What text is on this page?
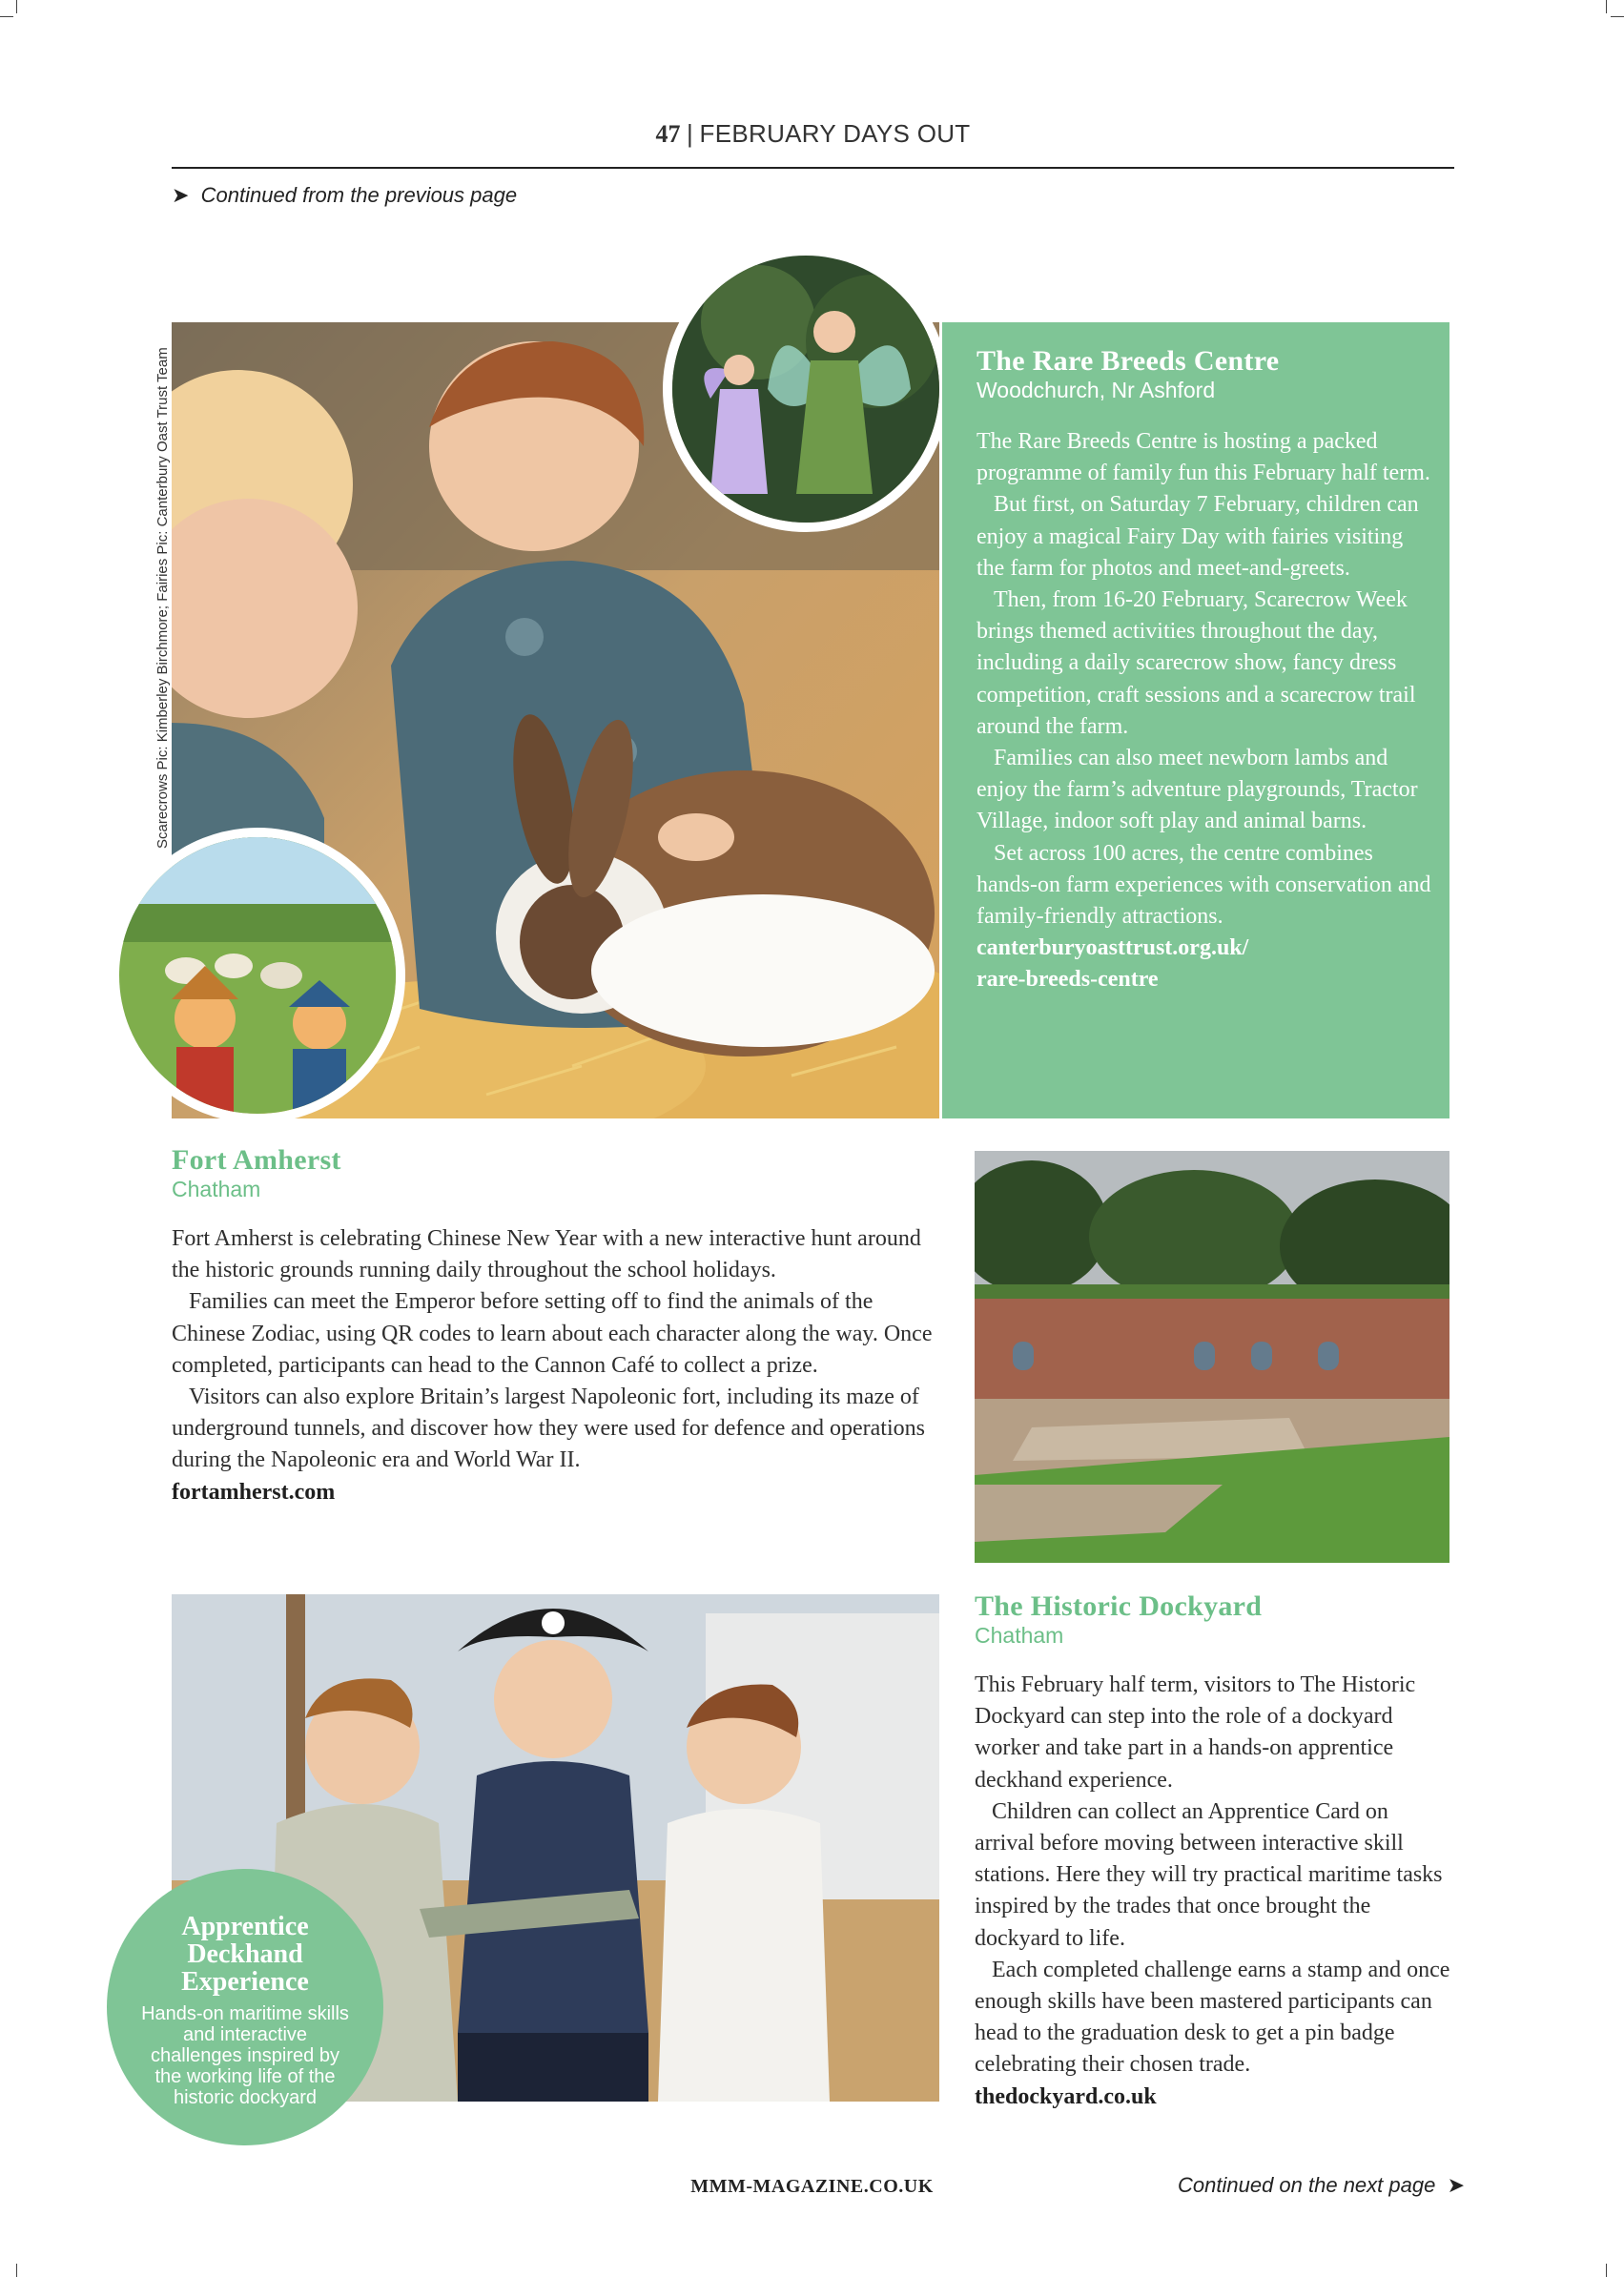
47 | FEBRUARY DAYS OUT
➤ Continued from the previous page
Scarecrows Pic: Kimberley Birchmore; Fairies Pic: Canterbury Oast Trust Team	The Rare Breeds Centre
Woodchurch, Nr Ashford

The Rare Breeds Centre is hosting a packed programme of family fun this February half term.

But first, on Saturday 7 February, children can enjoy a magical Fairy Day with fairies visiting the farm for photos and meet-and-greets.

Then, from 16-20 February, Scarecrow Week brings themed activities throughout the day, including a daily scarecrow show, fancy dress competition, craft sessions and a scarecrow trail around the farm.

Families can also meet newborn lambs and enjoy the farm’s adventure playgrounds, Tractor Village, indoor soft play and animal barns.

Set across 100 acres, the centre combines hands-on farm experiences with conservation and family-friendly attractions.

canterburyoasttrust.org.uk/
rare-breeds-centre

Fort Amherst
Chatham

Fort Amherst is celebrating Chinese New Year with a new interactive hunt around the historic grounds running daily throughout the school holidays.

Families can meet the Emperor before setting off to find the animals of the Chinese Zodiac, using QR codes to learn about each character along the way. Once completed, participants can head to the Cannon Café to collect a prize.

Visitors can also explore Britain’s largest Napoleonic fort, including its maze of underground tunnels, and discover how they were used for defence and operations during the Napoleonic era and World War II.

fortamherst.com

Apprentice
Deckhand
Experience
Hands-on maritime skills and interactive challenges inspired by the working life of the historic dockyard
The Historic Dockyard
Chatham

This February half term, visitors to The Historic Dockyard can step into the role of a dockyard worker and take part in a hands-on apprentice deckhand experience.

Children can collect an Apprentice Card on arrival before moving between interactive skill stations. Here they will try practical maritime tasks inspired by the trades that once brought the dockyard to life.

Each completed challenge earns a stamp and once enough skills have been mastered participants can head to the graduation desk to get a pin badge celebrating their chosen trade.

thedockyard.co.uk

MMM-MAGAZINE.CO.UK	Continued on the next page ➤
